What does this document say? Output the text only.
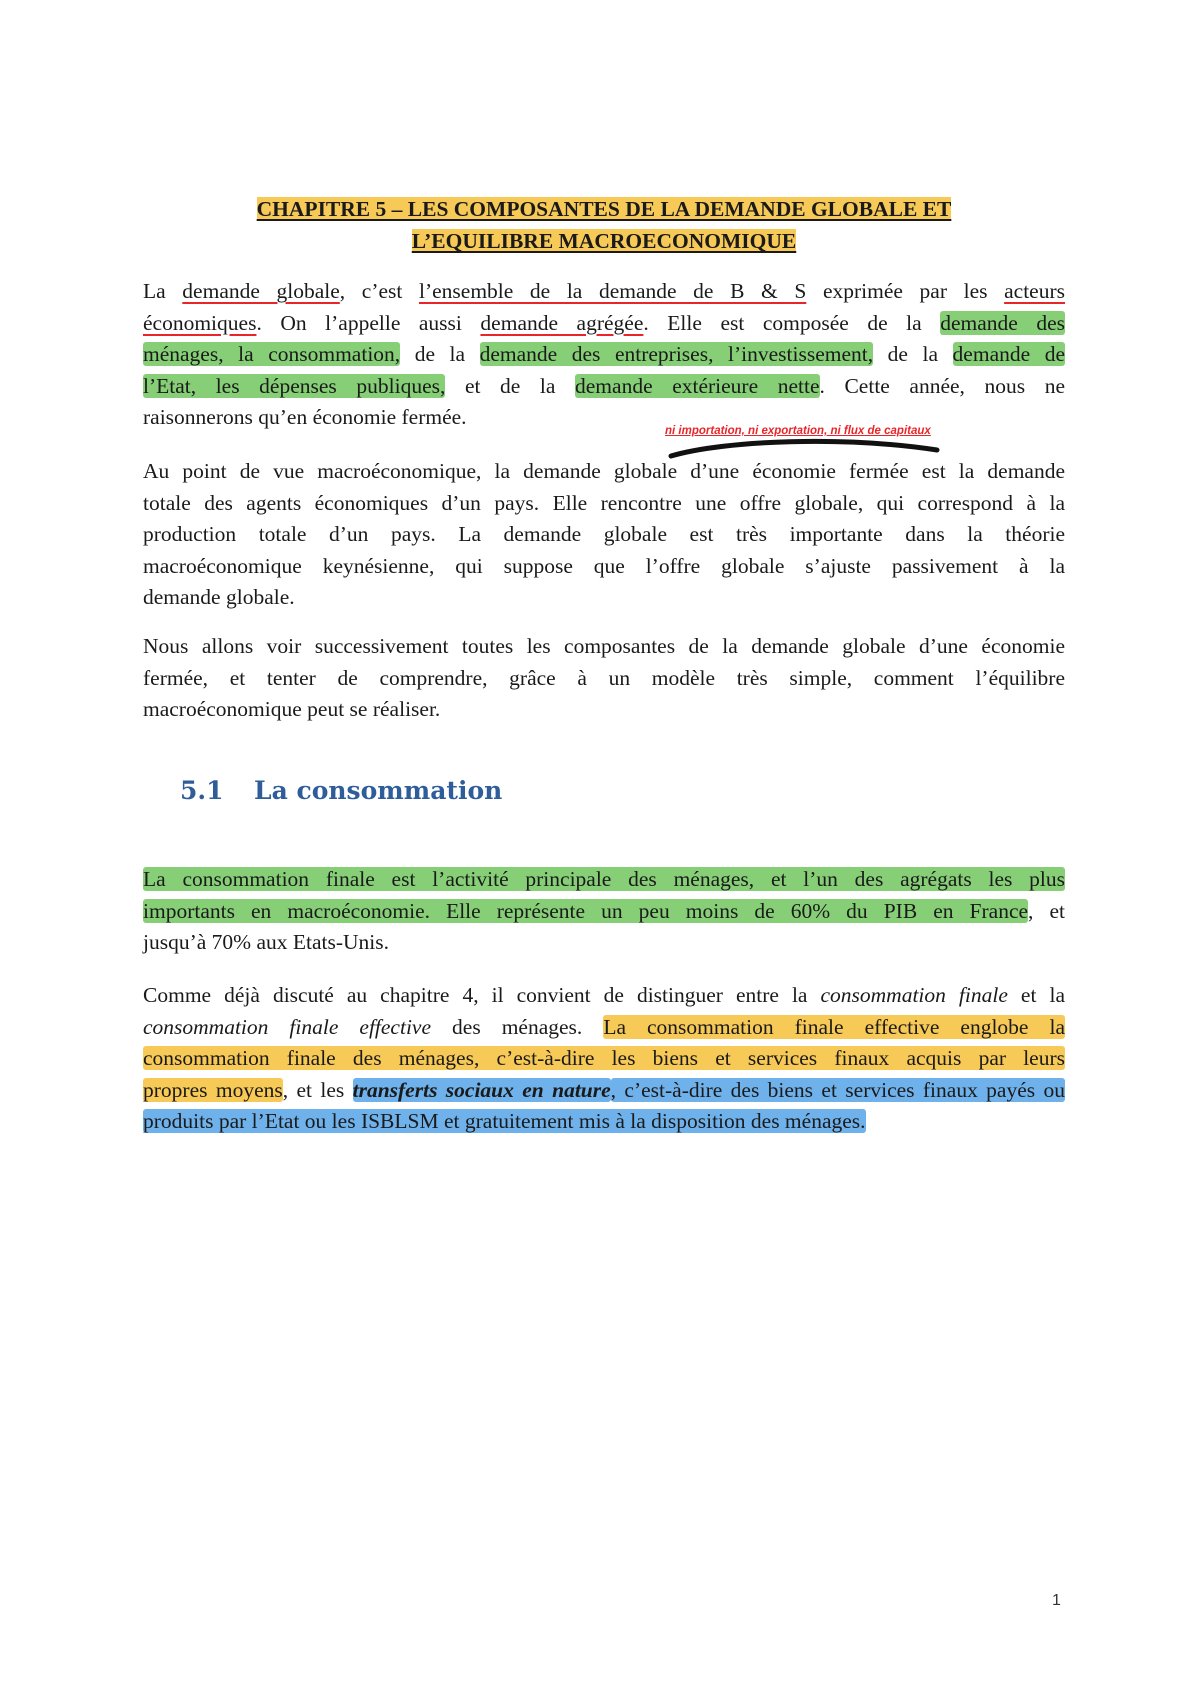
CHAPITRE 5 – LES COMPOSANTES DE LA DEMANDE GLOBALE ET
L’EQUILIBRE MACROECONOMIQUE
La demande globale, c’est l’ensemble de la demande de B & S exprimée par les acteurs
économiques. On l’appelle aussi demande agrégée. Elle est composée de la demande des
ménages, la consommation, de la demande des entreprises, l’investissement, de la demande de
l’Etat, les dépenses publiques, et de la demande extérieure nette. Cette année, nous ne
raisonnerons qu’en économie fermée.
ni importation, ni exportation, ni flux de capitaux
Au point de vue macroéconomique, la demande globale d’une économie fermée est la demande
totale des agents économiques d’un pays. Elle rencontre une offre globale, qui correspond à la
production totale d’un pays. La demande globale est très importante dans la théorie
macroéconomique keynésienne, qui suppose que l’offre globale s’ajuste passivement à la
demande globale.
Nous allons voir successivement toutes les composantes de la demande globale d’une économie
fermée, et tenter de comprendre, grâce à un modèle très simple, comment l’équilibre
macroéconomique peut se réaliser.
5.1 La consommation
La consommation finale est l’activité principale des ménages, et l’un des agrégats les plus
importants en macroéconomie. Elle représente un peu moins de 60% du PIB en France, et
jusqu’à 70% aux Etats-Unis.
Comme déjà discuté au chapitre 4, il convient de distinguer entre la consommation finale et la
consommation finale effective des ménages. La consommation finale effective englobe la
consommation finale des ménages, c’est-à-dire les biens et services finaux acquis par leurs
propres moyens, et les transferts sociaux en nature, c’est-à-dire des biens et services finaux payés ou
produits par l’Etat ou les ISBLSM et gratuitement mis à la disposition des ménages.
1
